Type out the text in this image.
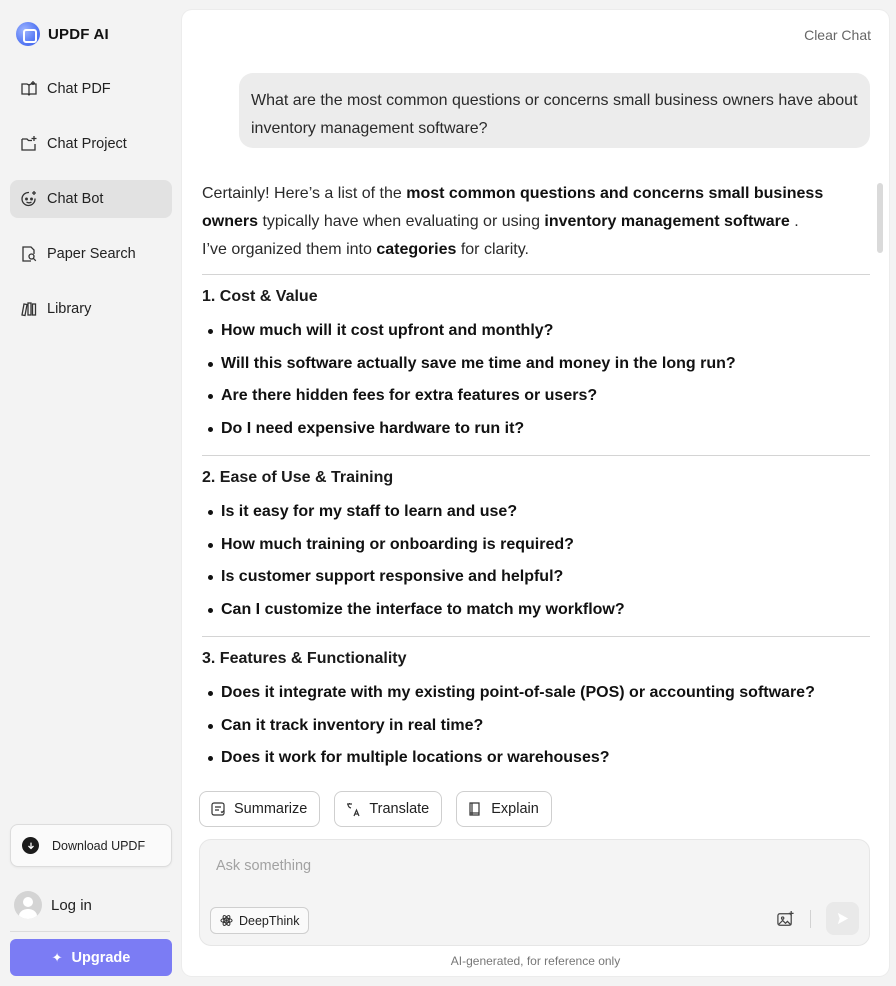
UPDF AI
Chat PDF
Chat Project
Chat Bot
Paper Search
Library
Download UPDF
Log in
✦ Upgrade
Clear Chat
What are the most common questions or concerns small business owners have about inventory management software?

Certainly! Here’s a list of the most common questions and concerns small business owners typically have when evaluating or using inventory management software .
I’ve organized them into categories for clarity.

1. Cost & Value
How much will it cost upfront and monthly?
Will this software actually save me time and money in the long run?
Are there hidden fees for extra features or users?
Do I need expensive hardware to run it?
2. Ease of Use & Training
Is it easy for my staff to learn and use?
How much training or onboarding is required?
Is customer support responsive and helpful?
Can I customize the interface to match my workflow?
3. Features & Functionality
Does it integrate with my existing point-of-sale (POS) or accounting software?
Can it track inventory in real time?
Does it work for multiple locations or warehouses?
Summarize	Translate	Explain
Ask something
DeepThink
AI-generated, for reference only
